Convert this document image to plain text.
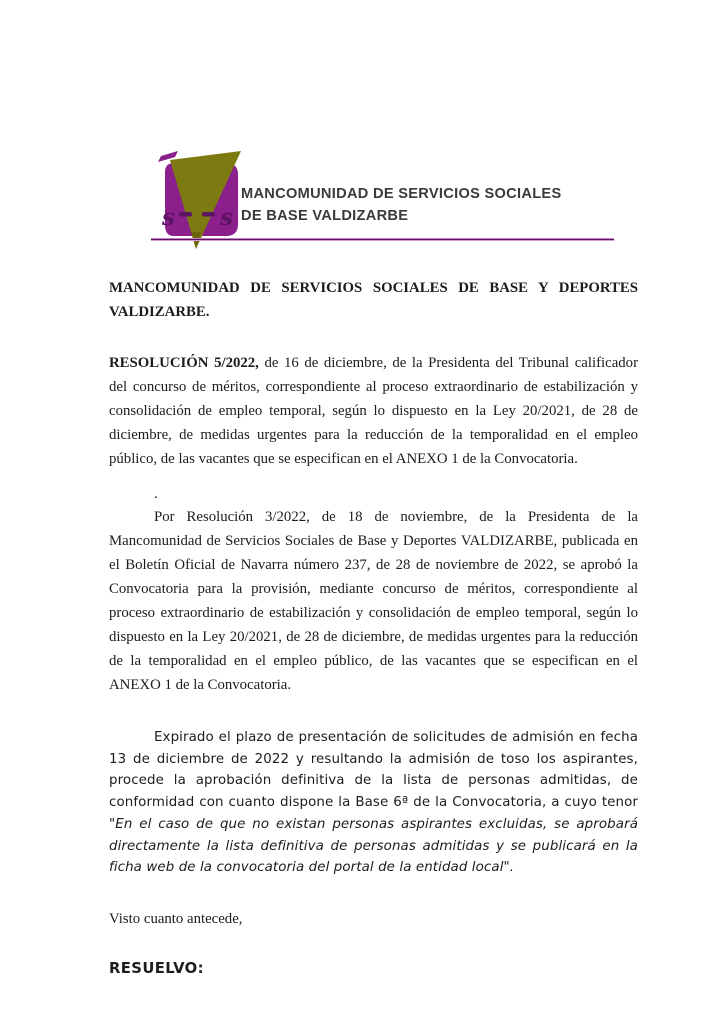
s s
MANCOMUNIDAD DE SERVICIOS SOCIALES
DE BASE VALDIZARBE

MANCOMUNIDAD DE SERVICIOS SOCIALES DE BASE Y DEPORTES VALDIZARBE.

RESOLUCIÓN 5/2022, de 16 de diciembre, de la Presidenta del Tribunal calificador del concurso de méritos, correspondiente al proceso extraordinario de estabilización y consolidación de empleo temporal, según lo dispuesto en la Ley 20/2021, de 28 de diciembre, de medidas urgentes para la reducción de la temporalidad en el empleo público, de las vacantes que se especifican en el ANEXO 1 de la Convocatoria.

.

Por Resolución 3/2022, de 18 de noviembre, de la Presidenta de la Mancomunidad de Servicios Sociales de Base y Deportes VALDIZARBE, publicada en el Boletín Oficial de Navarra número 237, de 28 de noviembre de 2022, se aprobó la Convocatoria para la provisión, mediante concurso de méritos, correspondiente al proceso extraordinario de estabilización y consolidación de empleo temporal, según lo dispuesto en la Ley 20/2021, de 28 de diciembre, de medidas urgentes para la reducción de la temporalidad en el empleo público, de las vacantes que se especifican en el ANEXO 1 de la Convocatoria.

Expirado el plazo de presentación de solicitudes de admisión en fecha 13 de diciembre de 2022 y resultando la admisión de toso los aspirantes, procede la aprobación definitiva de la lista de personas admitidas, de conformidad con cuanto dispone la Base 6ª de la Convocatoria, a cuyo tenor "En el caso de que no existan personas aspirantes excluidas, se aprobará directamente la lista definitiva de personas admitidas y se publicará en la ficha web de la convocatoria del portal de la entidad local".

Visto cuanto antecede,

RESUELVO:
